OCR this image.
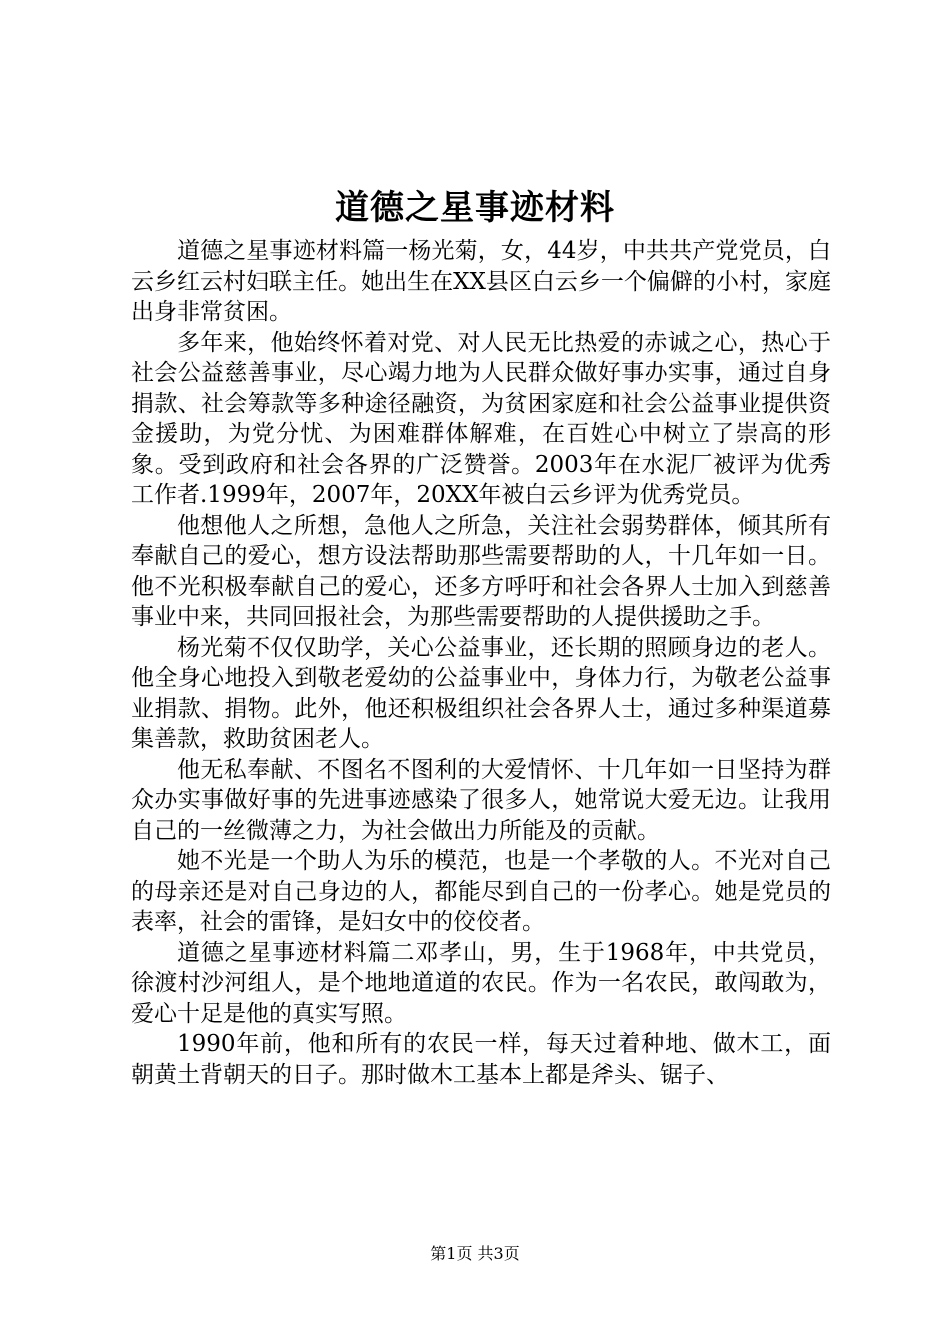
道德之星事迹材料

道德之星事迹材料篇一杨光菊，女，44岁，中共共产党党员，白云乡红云村妇联主任。她出生在XX县区白云乡一个偏僻的小村，家庭出身非常贫困。

多年来，他始终怀着对党、对人民无比热爱的赤诚之心，热心于社会公益慈善事业，尽心竭力地为人民群众做好事办实事，通过自身捐款、社会筹款等多种途径融资，为贫困家庭和社会公益事业提供资金援助，为党分忧、为困难群体解难，在百姓心中树立了崇高的形象。受到政府和社会各界的广泛赞誉。2003年在水泥厂被评为优秀工作者.1999年，2007年，20XX年被白云乡评为优秀党员。

他想他人之所想，急他人之所急，关注社会弱势群体，倾其所有奉献自己的爱心，想方设法帮助那些需要帮助的人，十几年如一日。他不光积极奉献自己的爱心，还多方呼吁和社会各界人士加入到慈善事业中来，共同回报社会，为那些需要帮助的人提供援助之手。

杨光菊不仅仅助学，关心公益事业，还长期的照顾身边的老人。他全身心地投入到敬老爱幼的公益事业中，身体力行，为敬老公益事业捐款、捐物。此外，他还积极组织社会各界人士，通过多种渠道募集善款，救助贫困老人。

他无私奉献、不图名不图利的大爱情怀、十几年如一日坚持为群众办实事做好事的先进事迹感染了很多人，她常说大爱无边。让我用自己的一丝微薄之力，为社会做出力所能及的贡献。

她不光是一个助人为乐的模范，也是一个孝敬的人。不光对自己的母亲还是对自己身边的人，都能尽到自己的一份孝心。她是党员的表率，社会的雷锋，是妇女中的佼佼者。

道德之星事迹材料篇二邓孝山，男，生于1968年，中共党员，徐渡村沙河组人，是个地地道道的农民。作为一名农民，敢闯敢为，爱心十足是他的真实写照。

1990年前，他和所有的农民一样，每天过着种地、做木工，面朝黄土背朝天的日子。那时做木工基本上都是斧头、锯子、

第1页 共3页
